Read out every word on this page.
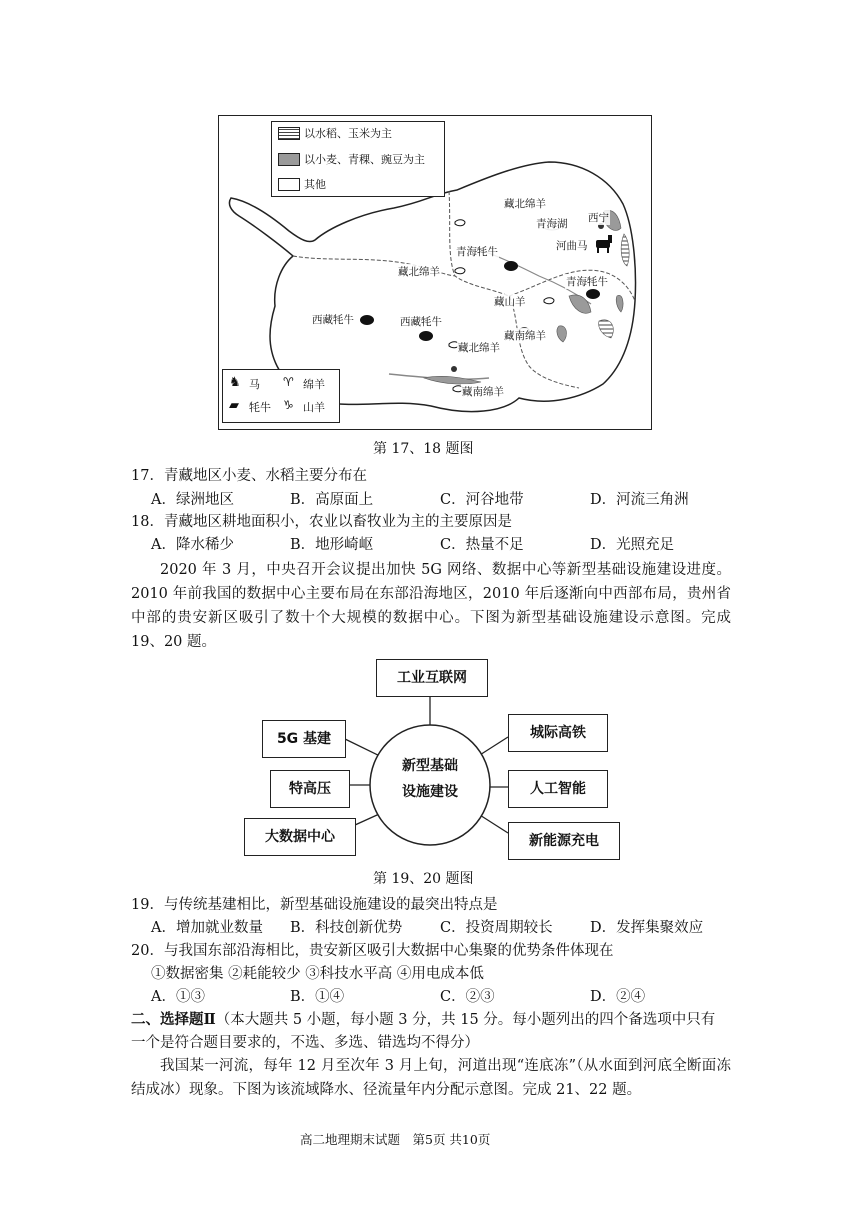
以水稻、玉米为主
以小麦、青稞、豌豆为主
其他
♞ 马 ♈ 绵羊
▰ 牦牛 ♑ 山羊
藏北绵羊
青海湖 西宁
河曲马
青海牦牛
藏北绵羊
青海牦牛
藏山羊
西藏牦牛	西藏牦牛
藏南绵羊
藏北绵羊
藏南绵羊
第 17、18 题图
17．青藏地区小麦、水稻主要分布在
A．绿洲地区	B．高原面上	C．河谷地带	D．河流三角洲
18．青藏地区耕地面积小，农业以畜牧业为主的主要原因是
A．降水稀少	B．地形崎岖	C．热量不足	D．光照充足
2020 年 3 月，中央召开会议提出加快 5G 网络、数据中心等新型基础设施建设进度。2010 年前我国的数据中心主要布局在东部沿海地区，2010 年后逐渐向中西部布局，贵州省中部的贵安新区吸引了数十个大规模的数据中心。下图为新型基础设施建设示意图。完成 19、20 题。
新型基础
设施建设
工业互联网
5G 基建
特高压
大数据中心
城际高铁
人工智能
新能源充电
第 19、20 题图
19．与传统基建相比，新型基础设施建设的最突出特点是
A．增加就业数量 B．科技创新优势	C．投资周期较长	D．发挥集聚效应
20．与我国东部沿海相比，贵安新区吸引大数据中心集聚的优势条件体现在
①数据密集 ②耗能较少 ③科技水平高 ④用电成本低
A．①③	B．①④	C．②③	D．②④
二、选择题Ⅱ（本大题共 5 小题，每小题 3 分，共 15 分。每小题列出的四个备选项中只有
一个是符合题目要求的，不选、多选、错选均不得分）
我国某一河流，每年 12 月至次年 3 月上旬，河道出现“连底冻”（从水面到河底全断面冻结成冰）现象。下图为该流域降水、径流量年内分配示意图。完成 21、22 题。
高二地理期末试题　第5页 共10页
